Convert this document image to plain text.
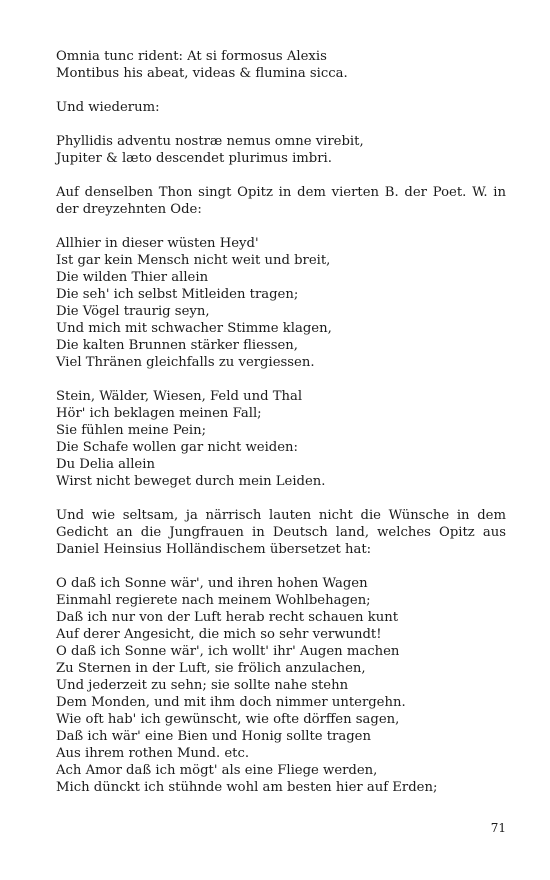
Omnia tunc rident: At si formosus Alexis
Montibus his abeat, videas & flumina sicca.
Und wiederum:
Phyllidis adventu nostræ nemus omne virebit,
Jupiter & læto descendet plurimus imbri.
Auf denselben Thon singt Opitz in dem vierten B. der Poet. W. in der dreyzehnten Ode:
Allhier in dieser wüsten Heyd'
Ist gar kein Mensch nicht weit und breit,
Die wilden Thier allein
Die seh' ich selbst Mitleiden tragen;
Die Vögel traurig seyn,
Und mich mit schwacher Stimme klagen,
Die kalten Brunnen stärker fliessen,
Viel Thränen gleichfalls zu vergiessen.
Stein, Wälder, Wiesen, Feld und Thal
Hör' ich beklagen meinen Fall;
Sie fühlen meine Pein;
Die Schafe wollen gar nicht weiden:
Du Delia allein
Wirst nicht beweget durch mein Leiden.
Und wie seltsam, ja närrisch lauten nicht die Wünsche in dem Gedicht an die Jungfrauen in Deutsch land, welches Opitz aus Daniel Heinsius Holländischem übersetzet hat:
O daß ich Sonne wär', und ihren hohen Wagen
Einmahl regierete nach meinem Wohlbehagen;
Daß ich nur von der Luft herab recht schauen kunt
Auf derer Angesicht, die mich so sehr verwundt!
O daß ich Sonne wär', ich wollt' ihr' Augen machen
Zu Sternen in der Luft, sie frölich anzulachen,
Und jederzeit zu sehn; sie sollte nahe stehn
Dem Monden, und mit ihm doch nimmer untergehn.
Wie oft hab' ich gewünscht, wie ofte dörffen sagen,
Daß ich wär' eine Bien und Honig sollte tragen
Aus ihrem rothen Mund. etc.
Ach Amor daß ich mögt' als eine Fliege werden,
Mich dünckt ich stühnde wohl am besten hier auf Erden;
71
